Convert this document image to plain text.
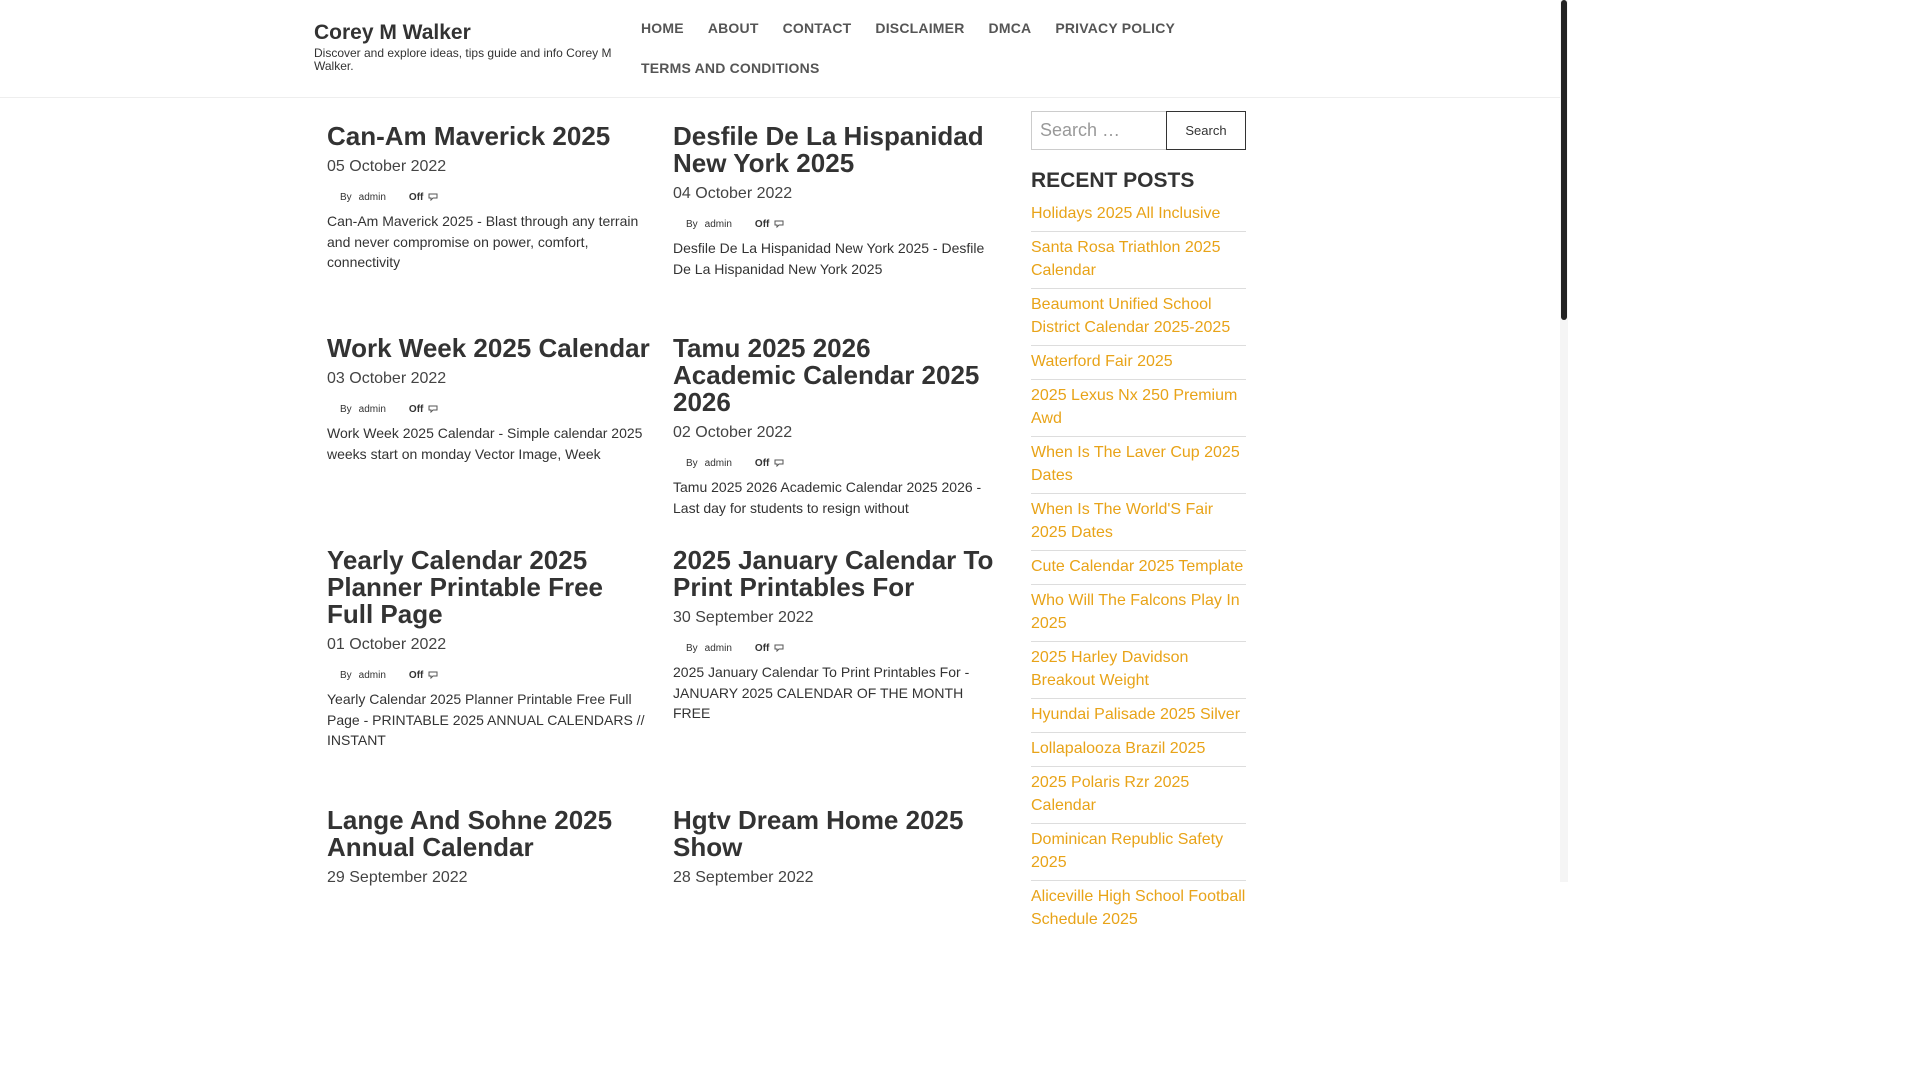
Corey M Walker

Discover and explore ideas, tips guide and info Corey M Walker.

HOME	ABOUT	CONTACT	DISCLAIMER	DMCA	PRIVACY POLICY
TERMS AND CONDITIONS
Can-Am Maverick 2025
05 October 2022
By admin Off

Can-Am Maverick 2025 - Blast through any terrain and never compromise on power, comfort, connectivity

Desfile De La Hispanidad New York 2025
04 October 2022
By admin Off

Desfile De La Hispanidad New York 2025 - Desfile De La Hispanidad New York 2025

Work Week 2025 Calendar
03 October 2022
By admin Off

Work Week 2025 Calendar - Simple calendar 2025 weeks start on monday Vector Image, Week

Tamu 2025 2026 Academic Calendar 2025 2026
02 October 2022
By admin Off

Tamu 2025 2026 Academic Calendar 2025 2026 - Last day for students to resign without

Yearly Calendar 2025 Planner Printable Free Full Page
01 October 2022
By admin Off

Yearly Calendar 2025 Planner Printable Free Full Page - PRINTABLE 2025 ANNUAL CALENDARS // INSTANT

2025 January Calendar To Print Printables For
30 September 2022
By admin Off

2025 January Calendar To Print Printables For - JANUARY 2025 CALENDAR OF THE MONTH FREE

Lange And Sohne 2025 Annual Calendar
29 September 2022
Hgtv Dream Home 2025 Show
28 September 2022
Search …
Search
RECENT POSTS
Holidays 2025 All Inclusive
Santa Rosa Triathlon 2025 Calendar
Beaumont Unified School District Calendar 2025-2025
Waterford Fair 2025
2025 Lexus Nx 250 Premium Awd
When Is The Laver Cup 2025 Dates
When Is The World'S Fair 2025 Dates
Cute Calendar 2025 Template
Who Will The Falcons Play In 2025
2025 Harley Davidson Breakout Weight
Hyundai Palisade 2025 Silver
Lollapalooza Brazil 2025
2025 Polaris Rzr 2025 Calendar
Dominican Republic Safety 2025
Aliceville High School Football Schedule 2025
